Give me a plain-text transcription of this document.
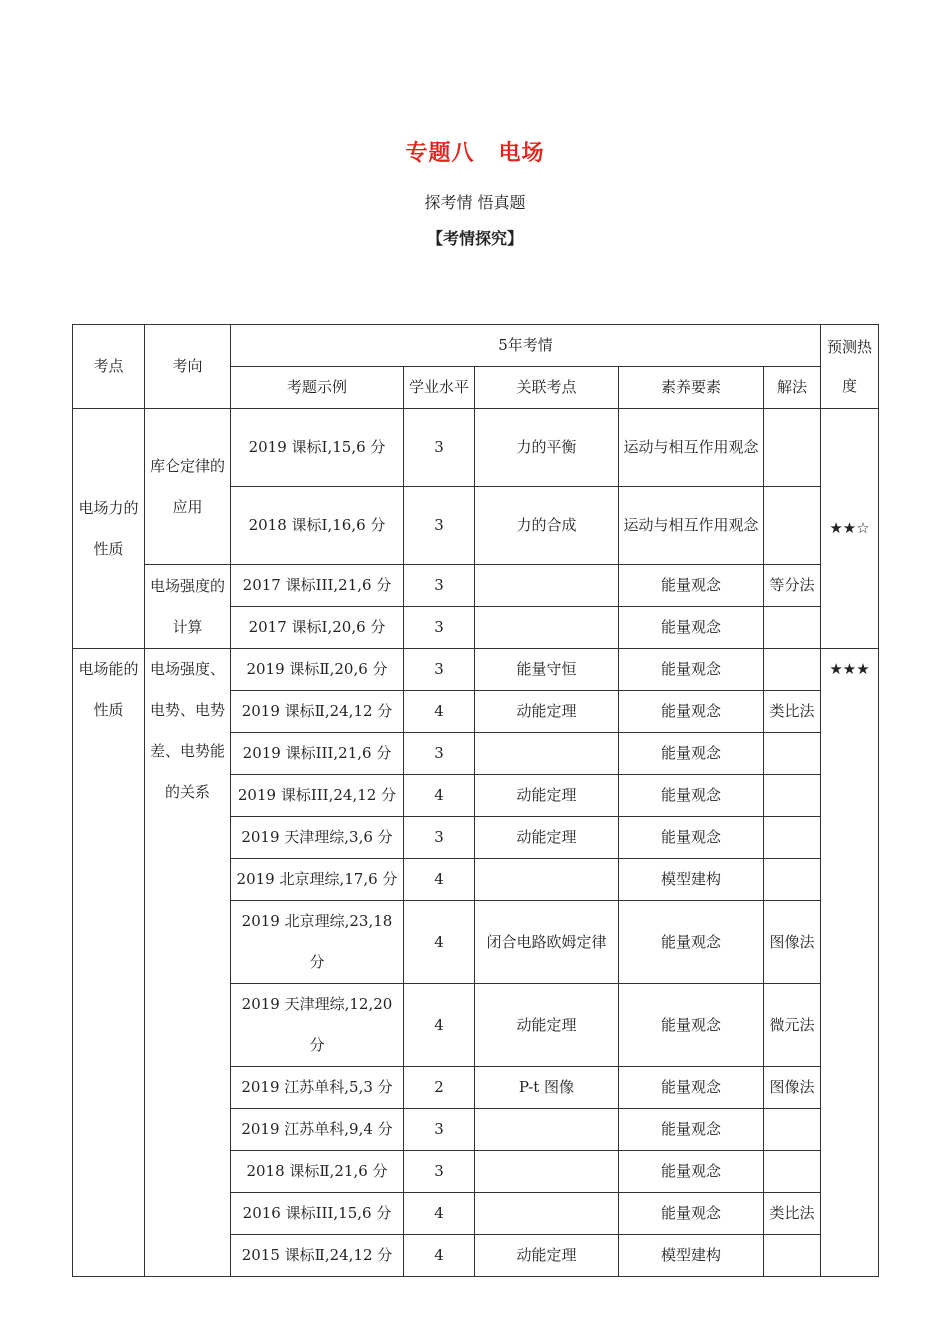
专题八 电场
探考情 悟真题
【考情探究】
考点	考向	5年考情					预测热度
		考题示例	学业水平	关联考点	素养要素	解法	
电场力的性质	库仑定律的应用	2019 课标Ⅰ,15,6 分	3	力的平衡	运动与相互作用观念		★★☆
		2018 课标Ⅰ,16,6 分	3	力的合成	运动与相互作用观念		
	电场强度的计算	2017 课标III,21,6 分	3		能量观念	等分法	
		2017 课标Ⅰ,20,6 分	3		能量观念		
电场能的性质	电场强度、电势、电势差、电势能的关系	2019 课标Ⅱ,20,6 分	3	能量守恒	能量观念		★★★
		2019 课标Ⅱ,24,12 分	4	动能定理	能量观念	类比法	
		2019 课标III,21,6 分	3		能量观念		
		2019 课标III,24,12 分	4	动能定理	能量观念		
		2019 天津理综,3,6 分	3	动能定理	能量观念		
		2019 北京理综,17,6 分	4		模型建构		
		2019 北京理综,23,18 分	4	闭合电路欧姆定律	能量观念	图像法	
		2019 天津理综,12,20 分	4	动能定理	能量观念	微元法	
		2019 江苏单科,5,3 分	2	P-t 图像	能量观念	图像法	
		2019 江苏单科,9,4 分	3		能量观念		
		2018 课标Ⅱ,21,6 分	3		能量观念		
		2016 课标III,15,6 分	4		能量观念	类比法	
		2015 课标Ⅱ,24,12 分	4	动能定理	模型建构		
